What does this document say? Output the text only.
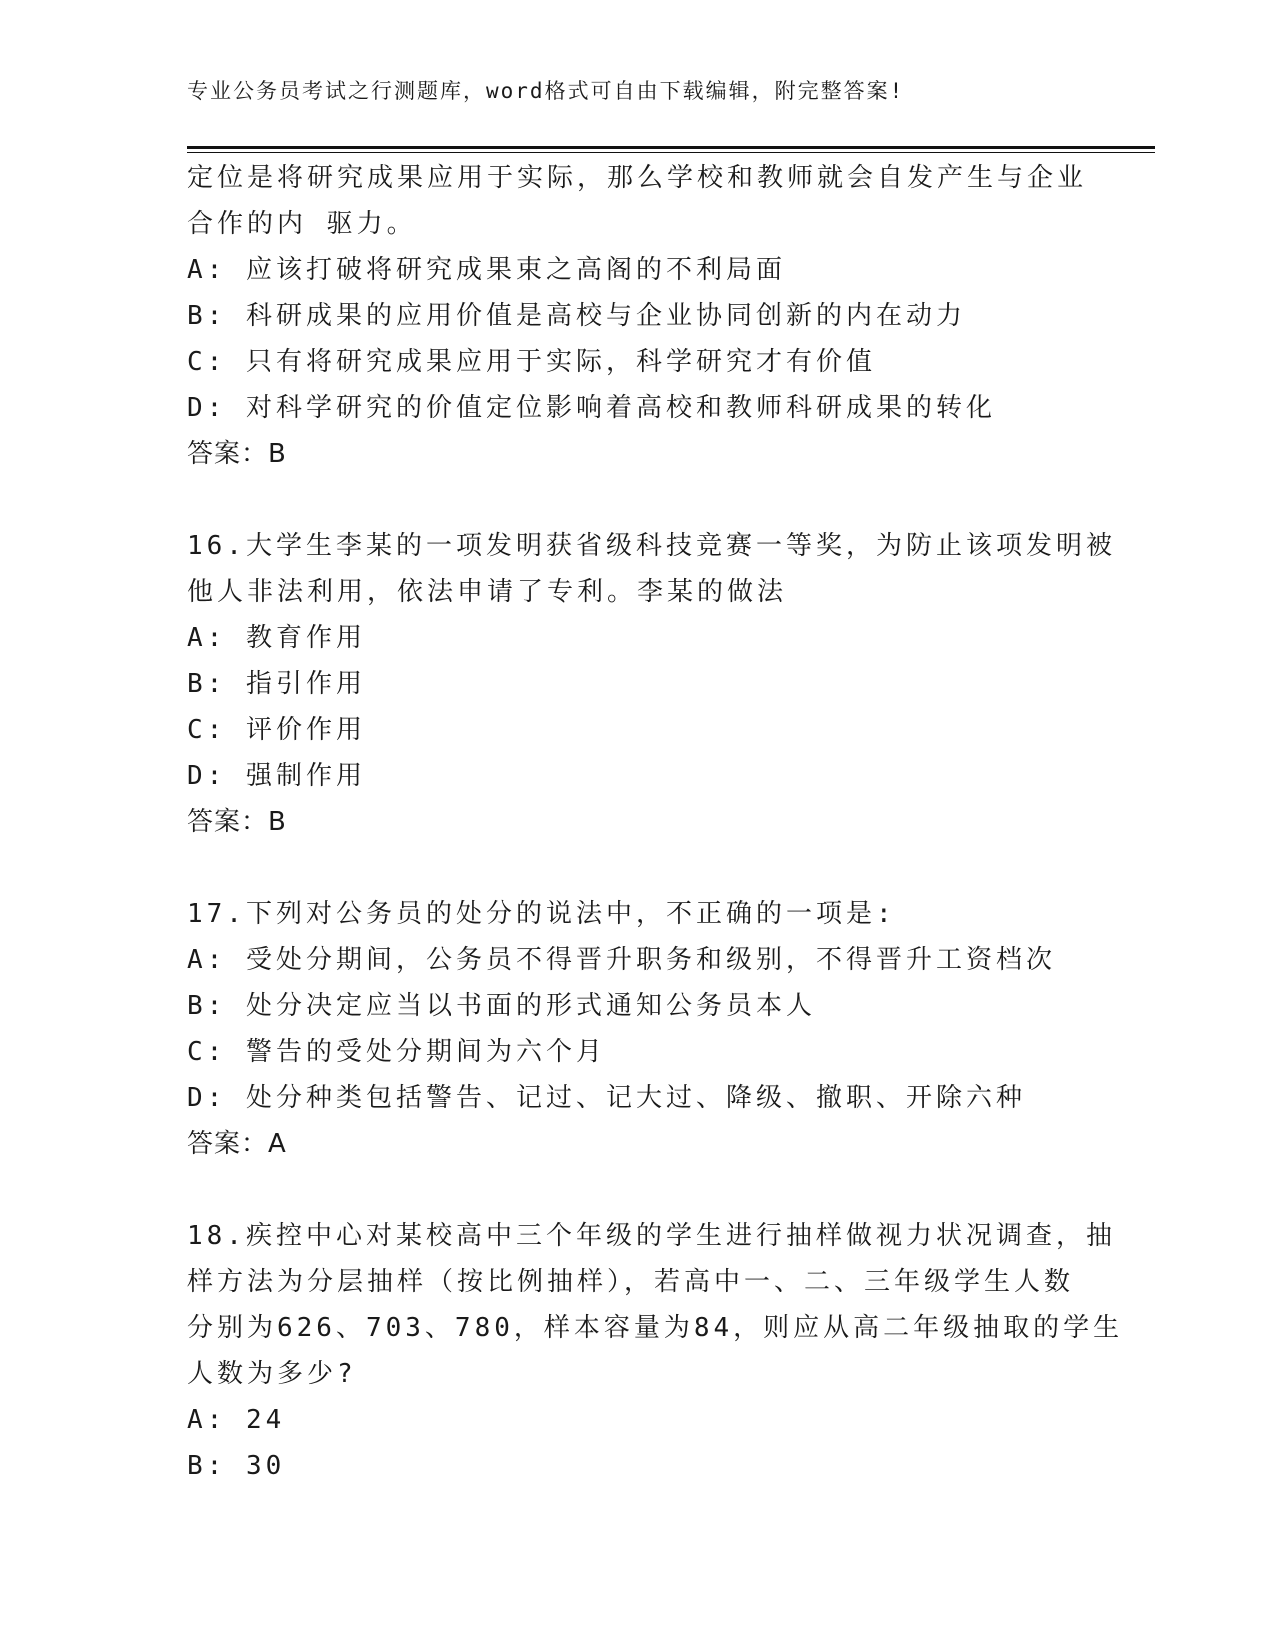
专业公务员考试之行测题库，word格式可自由下载编辑，附完整答案!
定位是将研究成果应用于实际，那么学校和教师就会自发产生与企业
合作的内 驱力。
A: 应该打破将研究成果束之高阁的不利局面
B: 科研成果的应用价值是高校与企业协同创新的内在动力
C: 只有将研究成果应用于实际，科学研究才有价值
D: 对科学研究的价值定位影响着高校和教师科研成果的转化
答案：B
16.大学生李某的一项发明获省级科技竞赛一等奖，为防止该项发明被
他人非法利用，依法申请了专利。李某的做法
A: 教育作用
B: 指引作用
C: 评价作用
D: 强制作用
答案：B
17.下列对公务员的处分的说法中，不正确的一项是:
A: 受处分期间，公务员不得晋升职务和级别，不得晋升工资档次
B: 处分决定应当以书面的形式通知公务员本人
C: 警告的受处分期间为六个月
D: 处分种类包括警告、记过、记大过、降级、撤职、开除六种
答案：A
18.疾控中心对某校高中三个年级的学生进行抽样做视力状况调查，抽
样方法为分层抽样（按比例抽样），若高中一、二、三年级学生人数
分别为626、703、780，样本容量为84，则应从高二年级抽取的学生
人数为多少?
A: 24
B: 30
